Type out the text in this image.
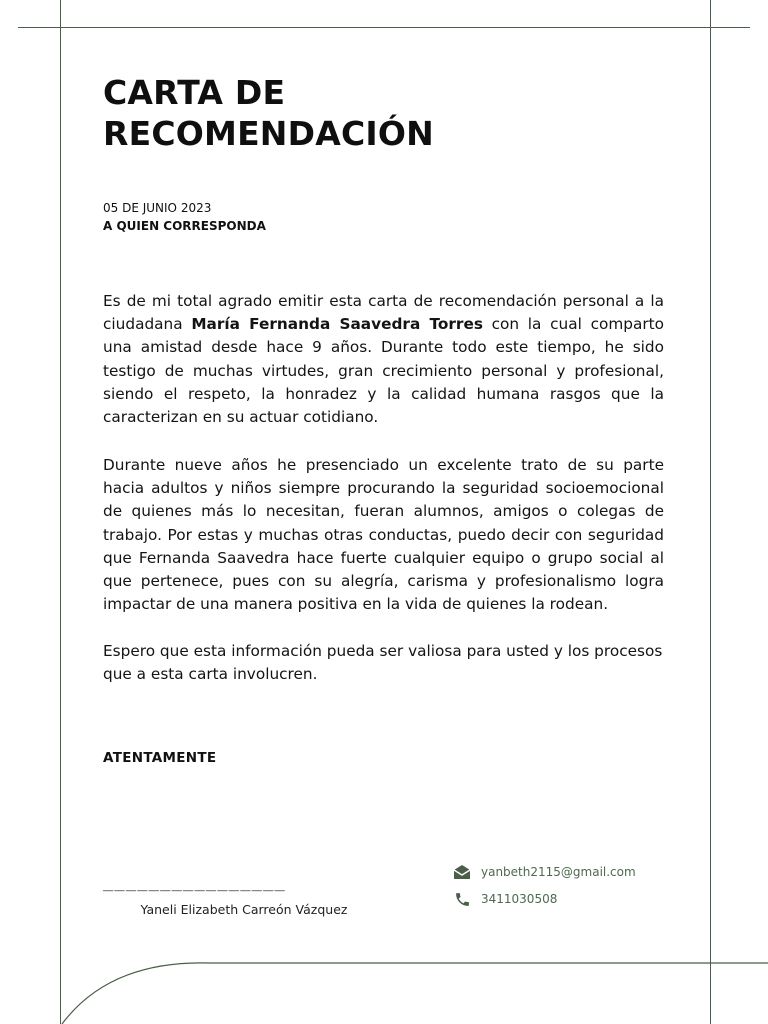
CARTA DE
RECOMENDACIÓN
05 DE JUNIO 2023
A QUIEN CORRESPONDA

Es de mi total agrado emitir esta carta de recomendación personal a la ciudadana María Fernanda Saavedra Torres con la cual comparto una amistad desde hace 9 años. Durante todo este tiempo, he sido testigo de muchas virtudes, gran crecimiento personal y profesional, siendo el respeto, la honradez y la calidad humana rasgos que la caracterizan en su actuar cotidiano.

Durante nueve años he presenciado un excelente trato de su parte hacia adultos y niños siempre procurando la seguridad socioemocional de quienes más lo necesitan, fueran alumnos, amigos o colegas de trabajo. Por estas y muchas otras conductas, puedo decir con seguridad que Fernanda Saavedra hace fuerte cualquier equipo o grupo social al que pertenece, pues con su alegría, carisma y profesionalismo logra impactar de una manera positiva en la vida de quienes la rodean.

Espero que esta información pueda ser valiosa para usted y los procesos que a esta carta involucren.

ATENTAMENTE
________________
Yaneli Elizabeth Carreón Vázquez
yanbeth2115@gmail.com
3411030508
